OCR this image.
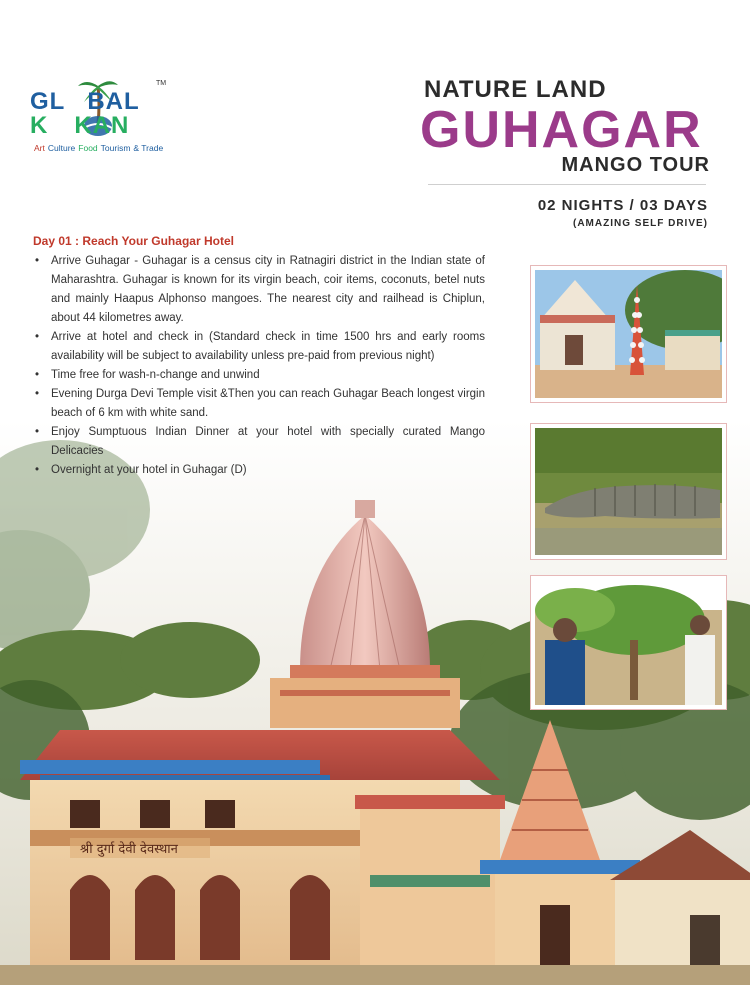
श्री दुर्गा देवी देवस्थान
GL BAL
K KAN
TM
Art Culture Food Tourism & Trade
NATURE LAND
GUHAGAR
MANGO TOUR
02 NIGHTS / 03 DAYS
(AMAZING SELF DRIVE)
Day 01 : Reach Your Guhagar Hotel
• Arrive Guhagar - Guhagar is a census city in Ratnagiri district in the Indian state of Maharashtra. Guhagar is known for its virgin beach, coir items, coconuts, betel nuts and mainly Haapus Alphonso mangoes. The nearest city and railhead is Chiplun, about 44 kilometres away.
• Arrive at hotel and check in (Standard check in time 1500 hrs and early rooms availability will be subject to availability unless pre-paid from previous night)
• Time free for wash-n-change and unwind
• Evening Durga Devi Temple visit &Then you can reach Guhagar Beach longest virgin beach of 6 km with white sand.
• Enjoy Sumptuous Indian Dinner at your hotel with specially curated Mango Delicacies
• Overnight at your hotel in Guhagar (D)
